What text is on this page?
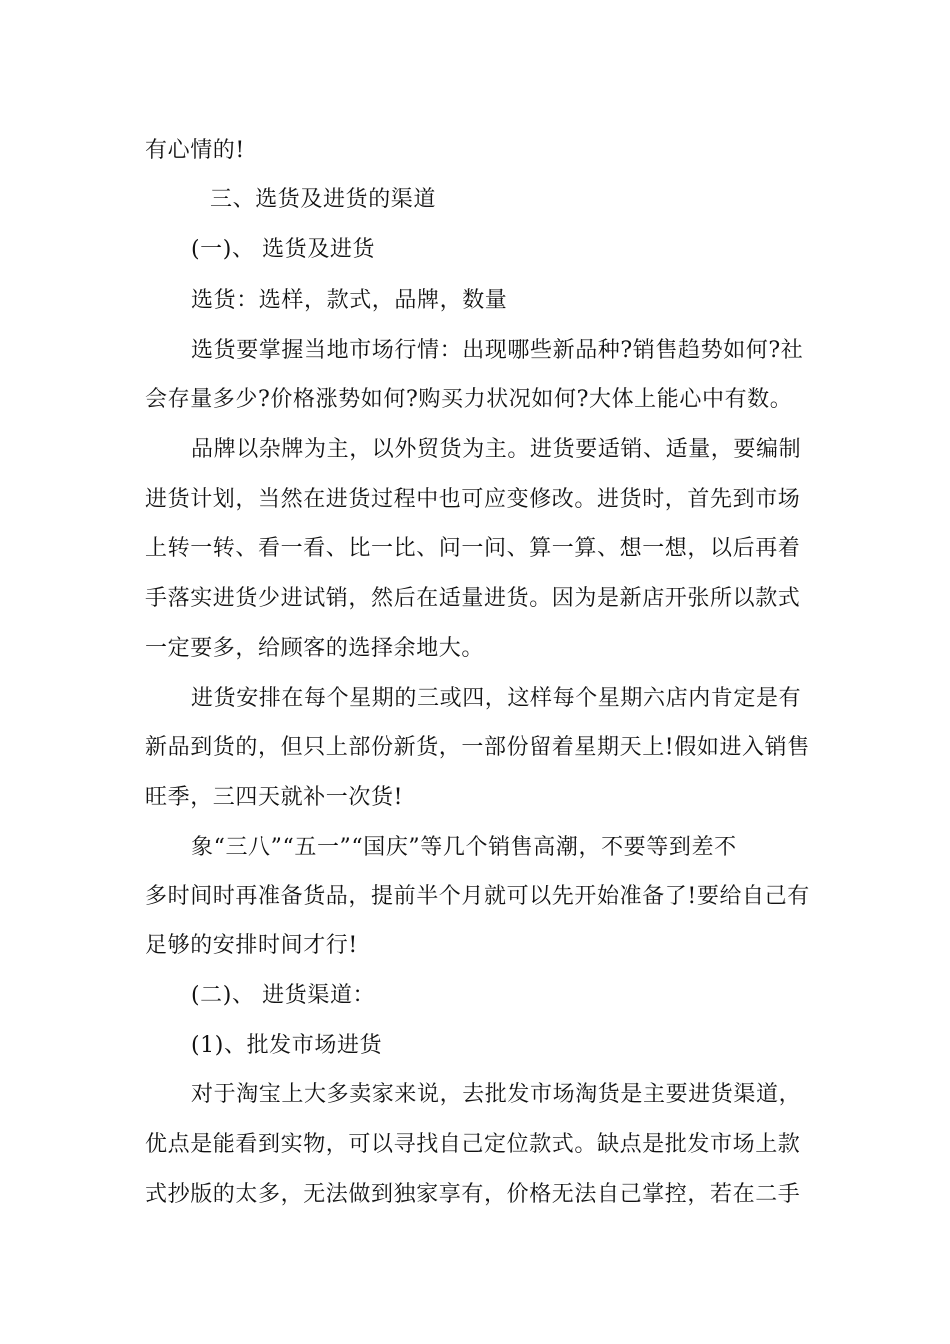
有心情的!
三、选货及进货的渠道
(一)、 选货及进货
选货：选样，款式，品牌，数量
选货要掌握当地市场行情：出现哪些新品种?销售趋势如何?社
会存量多少?价格涨势如何?购买力状况如何?大体上能心中有数。
品牌以杂牌为主，以外贸货为主。进货要适销、适量，要编制
进货计划，当然在进货过程中也可应变修改。进货时，首先到市场
上转一转、看一看、比一比、问一问、算一算、想一想，以后再着
手落实进货少进试销，然后在适量进货。因为是新店开张所以款式
一定要多，给顾客的选择余地大。
进货安排在每个星期的三或四，这样每个星期六店内肯定是有
新品到货的，但只上部份新货，一部份留着星期天上!假如进入销售
旺季，三四天就补一次货!
象“三八”“五一”“国庆”等几个销售高潮，不要等到差不
多时间时再准备货品，提前半个月就可以先开始准备了!要给自己有
足够的安排时间才行!
(二)、 进货渠道：
(1)、批发市场进货
对于淘宝上大多卖家来说，去批发市场淘货是主要进货渠道，
优点是能看到实物，可以寻找自己定位款式。缺点是批发市场上款
式抄版的太多，无法做到独家享有，价格无法自己掌控，若在二手
